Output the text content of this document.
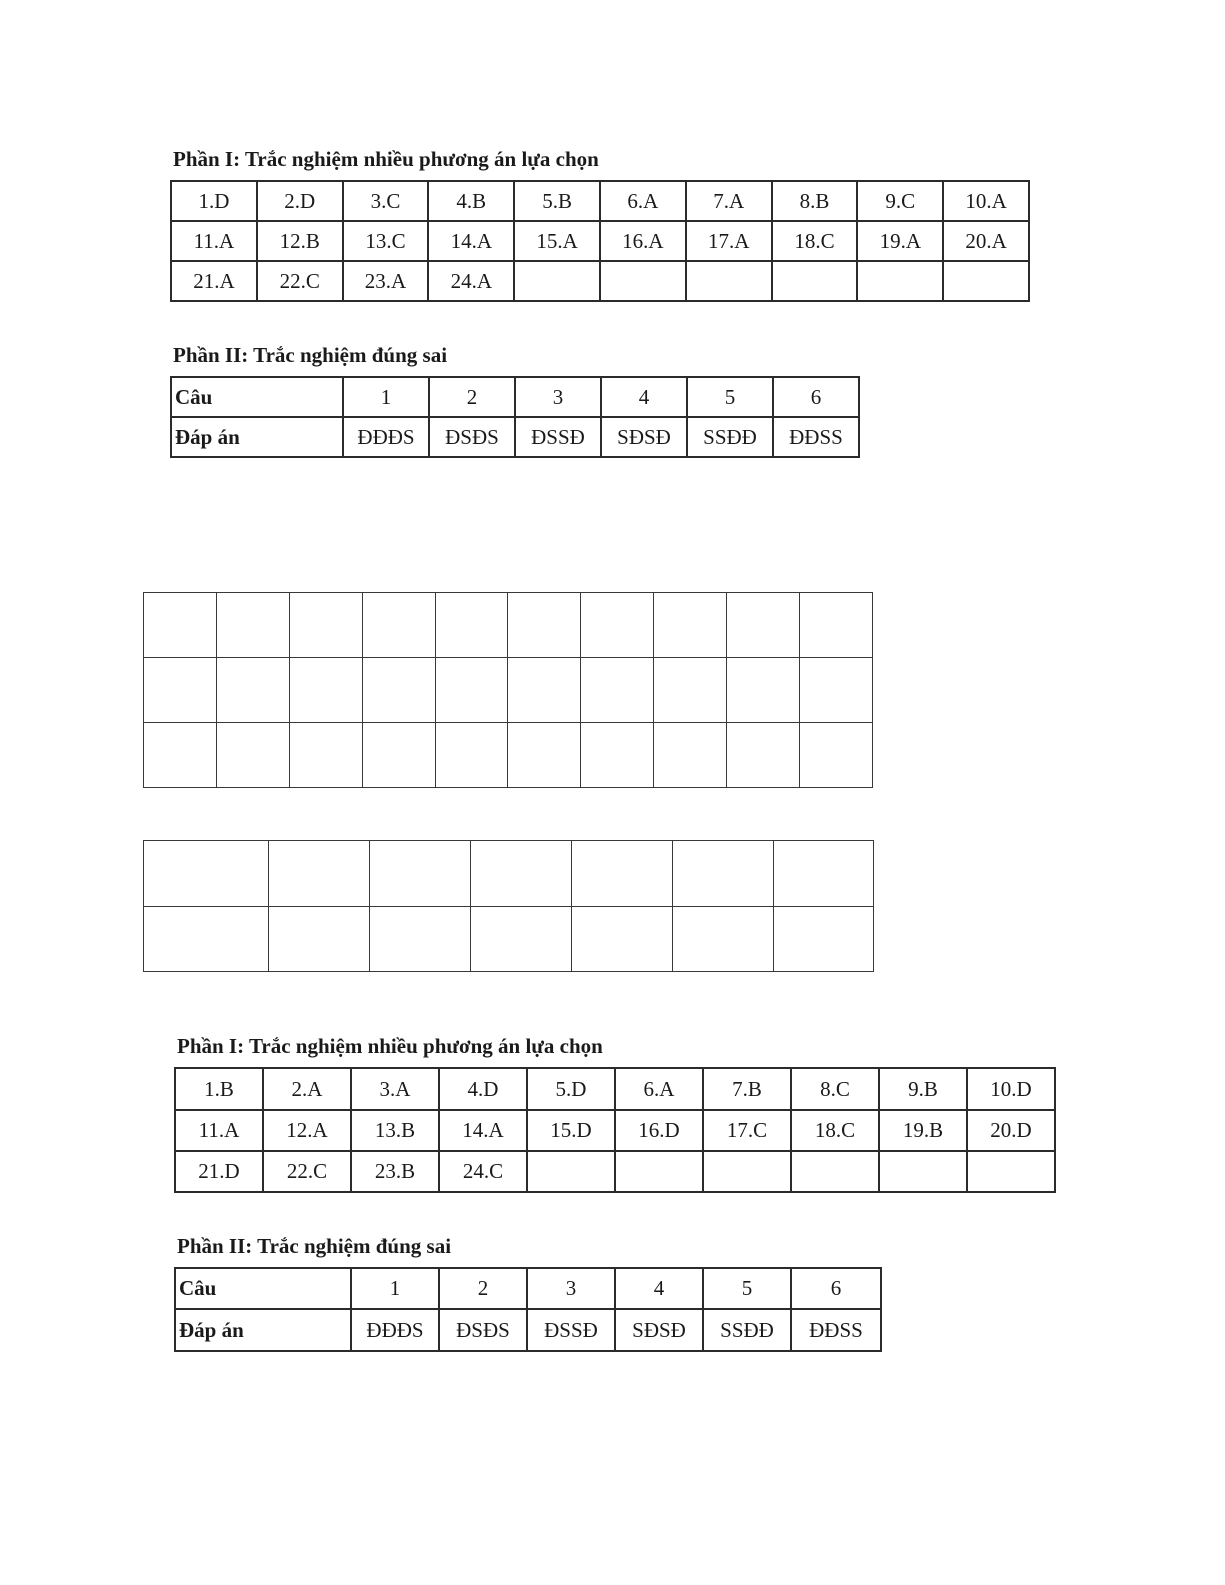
Phần I: Trắc nghiệm nhiều phương án lựa chọn
1.D	2.D	3.C	4.B	5.B	6.A	7.A	8.B	9.C	10.A
11.A	12.B	13.C	14.A	15.A	16.A	17.A	18.C	19.A	20.A
21.A	22.C	23.A	24.A						
Phần II: Trắc nghiệm đúng sai
Câu	1	2	3	4	5	6
Đáp án	ĐĐĐS	ĐSĐS	ĐSSĐ	SĐSĐ	SSĐĐ	ĐĐSS

Phần I: Trắc nghiệm nhiều phương án lựa chọn
1.B	2.A	3.A	4.D	5.D	6.A	7.B	8.C	9.B	10.D
11.A	12.A	13.B	14.A	15.D	16.D	17.C	18.C	19.B	20.D
21.D	22.C	23.B	24.C						
Phần II: Trắc nghiệm đúng sai
Câu	1	2	3	4	5	6
Đáp án	ĐĐĐS	ĐSĐS	ĐSSĐ	SĐSĐ	SSĐĐ	ĐĐSS
